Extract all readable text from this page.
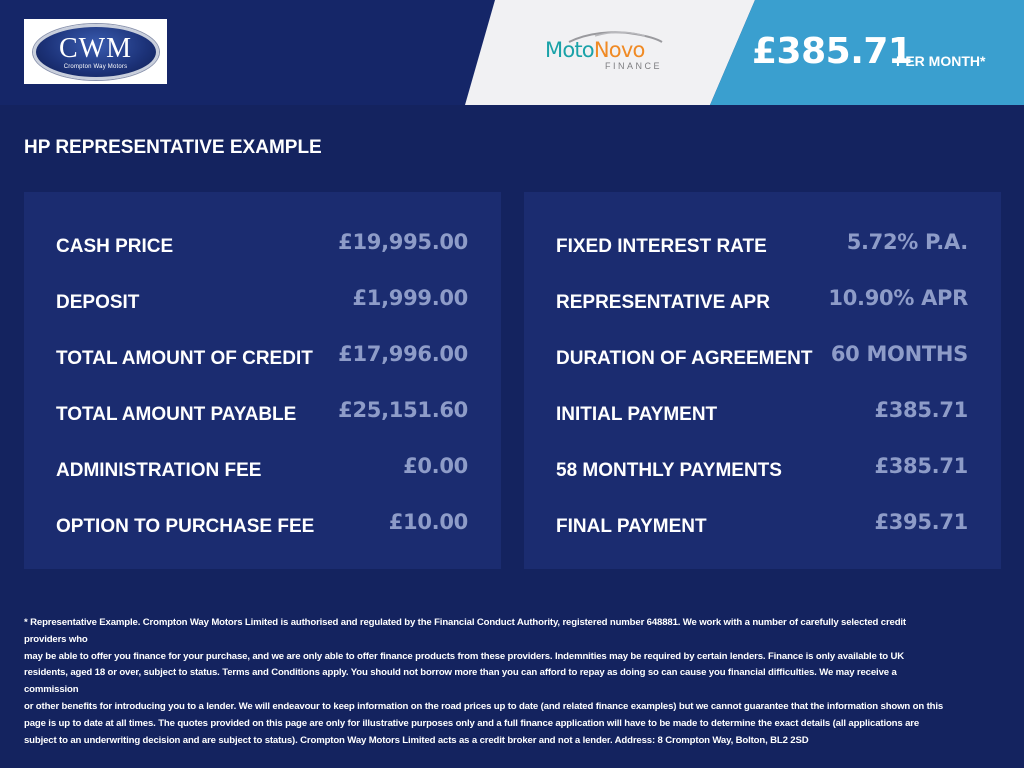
CWM
Crompton Way Motors
MotoNovo
FINANCE £385.71
PER MONTH*
HP REPRESENTATIVE EXAMPLE
CASH PRICE	£19,995.00
DEPOSIT	£1,999.00
TOTAL AMOUNT OF CREDIT £17,996.00
TOTAL AMOUNT PAYABLE £25,151.60
ADMINISTRATION FEE	£0.00
OPTION TO PURCHASE FEE	£10.00
FIXED INTEREST RATE	5.72% P.A.
REPRESENTATIVE APR	10.90% APR
DURATION OF AGREEMENT 60 MONTHS
INITIAL PAYMENT	£385.71
58 MONTHLY PAYMENTS	£385.71
FINAL PAYMENT	£395.71
* Representative Example. Crompton Way Motors Limited is authorised and regulated by the Financial Conduct Authority, registered number 648881. We work with a number of carefully selected credit providers who
may be able to offer you finance for your purchase, and we are only able to offer finance products from these providers. Indemnities may be required by certain lenders. Finance is only available to UK
residents, aged 18 or over, subject to status. Terms and Conditions apply. You should not borrow more than you can afford to repay as doing so can cause you financial difficulties. We may receive a commission
or other benefits for introducing you to a lender. We will endeavour to keep information on the road prices up to date (and related finance examples) but we cannot guarantee that the information shown on this
page is up to date at all times. The quotes provided on this page are only for illustrative purposes only and a full finance application will have to be made to determine the exact details (all applications are
subject to an underwriting decision and are subject to status). Crompton Way Motors Limited acts as a credit broker and not a lender. Address: 8 Crompton Way, Bolton, BL2 2SD
